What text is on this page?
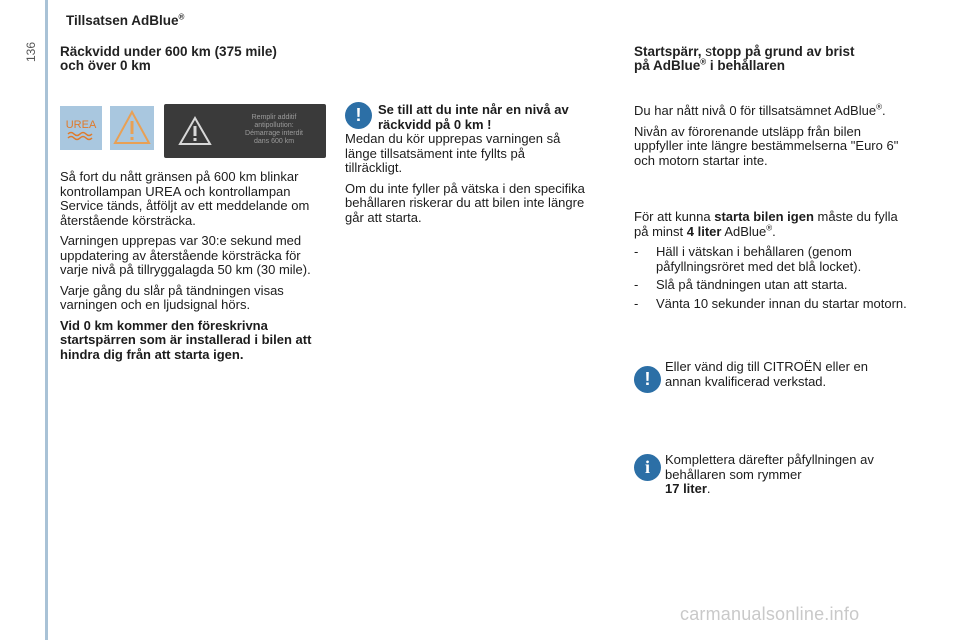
136
Tillsatsen AdBlue®
Räckvidd under 600 km (375 mile)
och över 0 km
UREA
Remplir additif
antipollution:
Démarrage interdit
dans 600 km

Så fort du nått gränsen på 600 km blinkar kontrollampan UREA och kontrollampan Service tänds, åtföljt av ett meddelande om återstående körsträcka.

Varningen upprepas var 30:e sekund med uppdatering av återstående körsträcka för varje nivå på tillryggalagda 50 km (30 mile).

Varje gång du slår på tändningen visas varningen och en ljudsignal hörs.

Vid 0 km kommer den föreskrivna startspärren som är installerad i bilen att hindra dig från att starta igen.

!	Se till att du inte når en nivå av räckvidd på 0 km !

Medan du kör upprepas varningen så länge tillsatsäment inte fyllts på tillräckligt.

Om du inte fyller på vätska i den specifika behållaren riskerar du att bilen inte längre går att starta.

Startspärr, stopp på grund av brist
på AdBlue® i behållaren

Du har nått nivå 0 för tillsatsämnet AdBlue®.

Nivån av förorenande utsläpp från bilen uppfyller inte längre bestämmelserna "Euro 6" och motorn startar inte.

För att kunna starta bilen igen måste du fylla på minst 4 liter AdBlue®.

- Häll i vätskan i behållaren (genom påfyllningsröret med det blå locket).
- Slå på tändningen utan att starta.
- Vänta 10 sekunder innan du startar motorn.
!
Eller vänd dig till CITROËN eller en annan kvalificerad verkstad.
i	Komplettera därefter påfyllningen av behållaren som rymmer
17 liter.
carmanualsonline.info
